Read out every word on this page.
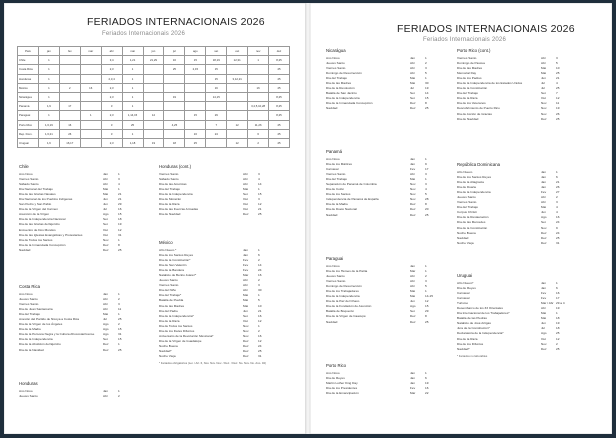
FERIADOS INTERNACIONAIS 2026
Feriados Internacionais 2026
País	jan	fev	mar	abr	mai	jun	jul	ago	set	out	nov	dez
Chile	1			3,4	1,21	21,29	16	15	18,19	12,31	1	8,25
Costa Rica	1			2,3	1		25	2,15	15			25
Honduras	1			2,3,4	1				15	3,12,21		25
México	1	2	16	2,3	1				16		16	25
Nicarágua	1			2,3	1		19		14,15			8,25
Panamá	1,9	17		3	1						3,4,5,10,28	8,25
Paraguai	1		1	2,3	1,14,15	12		15	29			8,25
Porto Rico	1,6,19	16		3	25		4,25		7	12	11,26	25
Rep. Dom.	1,6,21	26		3	1			16	24		6	25
Uruguai	1,6	16,17		2,3	1,18	19	18	25		12	2	25
Chile
Ano Novo	Jan	1
Viernes Santo	Abr	3
Sábado Santo	Abr	4
Día Nacional del Trabajo	Mai	1
Día de las Glorias Navales	Mai	21
Día Nacional de los Pueblos Indígenas	Jun	21
San Pedro y San Pablo	Jun	29
Día de la Virgen del Carmen	Jul	16
Asunción de la Virgen	Ago	15
Día de la Independencia Nacional	Set	18
Día de las Glorias del Ejército	Set	19
Encuentro de Dos Mundos	Out	12
Día de las Iglesias Evangélicas y Protestantes	Out	31
Día de Todos los Santos	Nov	1
Día de la Inmaculada Concepción	Dez	8
Navidad	Dez	25
Costa Rica
Ano Novo	Jan	1
Jueves Santo	Abr	2
Viernes Santo	Abr	3
Día de Juan Santamaría	Abr	11
Día del Trabajo	Mai	1
Anexión del Partido de Nicoya a Costa Rica	Jul	25
Día de la Virgen de los Ángeles	Ago	2
Día de la Madre	Ago	15
Día de la Persona Negra y la Cultura Afrocostarricense	Ago	31
Día de la Independencia	Set	15
Día de la Abolición del Ejército	Dez	1
Día de la Navidad	Dez	25
Honduras
Ano Novo	Jan	1
Jueves Santo	Abr	2
Honduras (cont.)
Viernes Santo	Abr	3
Sábado Santo	Abr	4
Día de las Américas	Abr	14
Día del Trabajo	Mai	1
Día de la Independencia	Set	15
Día de Morazán	Out	3
Día de la Raza	Out	12
Día de las Fuerzas Armadas	Out	21
Día de Navidad	Dez	25
México
Año Nuevo *	Jan	1
Día de los Santos Reyes	Jan	6
Día de la Constitución*	Fev	2
Día de San Valentín	Fev	14
Día de la Bandera	Fev	24
Natalicio de Benito Juárez*	Mar	16
Jueves Santo	Abr	2
Viernes Santo	Abr	3
Día del Niño	Abr	30
Día del Trabajo*	Mai	1
Batalla de Puebla	Mai	5
Día de las Madres	Mai	10
Día del Padre	Jun	21
Día de la Independencia*	Set	16
Día de la Raza	Out	12
Día de Todos los Santos	Nov	1
Día de los Fieles Difuntos	Nov	2
Aniversario de la Revolución Mexicana*	Nov	16
Día de la Virgen de Guadalupe	Dez	12
Noche Buena	Dez	24
Navidad*	Dez	25
Noche Vieja	Dez	31
* Feriados obrigatórios (Lei. / Art. 6, Nov. Nov. Nov. / Dez. / Dez. No. Nov. No. Ano. 04)
FERIADOS INTERNACIONAIS 2026
Feriados Internacionais 2026
Nicarágua
Ano Novo	Jan	1
Jueves Santo	Abr	2
Viernes Santo	Abr	3
Domingo de Resurrección	Abr	5
Día del Trabajo	Mai	1
Día de las Madres	Mai	30
Día de la Revolución	Jul	19
Batalla de San Jacinto	Set	14
Día de la Independencia	Set	15
Día de la Inmaculada Concepción	Dez	8
Navidad	Dez	25
Panamá
Ano Novo	Jan	1
Día de los Mártires	Jan	9
Carnaval	Fev	17
Viernes Santo	Abr	3
Día del Trabajo	Mai	1
Separación de Panamá de Colombia	Nov	3
Día de Colón	Nov	4
Día de los Santos	Nov	5
Independencia de Panamá de España	Nov	28
Día de la Madre	Dez	8
Día de Duelo Nacional	Dez	20
Navidad	Dez	25
Paraguai
Ano Novo	Jan	1
Día de los Héroes de la Patria	Mar	1
Jueves Santo	Abr	2
Viernes Santo	Abr	3
Domingo de Resurrección	Abr	5
Día de los Trabajadores	Mai	1
Día de la Independencia	Mai	14-15
Día de la Paz del Chaco	Jun	12
Día de la Fundación de Asunción	Ago	15
Batalla de Boquerón	Set	29
Día de la Virgen de Caacupé	Dez	8
Navidad	Dez	25
Porto Rico
Ano Novo	Jan	1
Día de Reyes	Jan	6
Martin Luther King Day	Jan	19
Día de los Presidentes	Fev	16
Día de la Emancipación	Mar	22
Porto Rico (cont.)
Viernes Santo	Abr	3
Domingo de Pascua	Abr	5
Día de las Madres	Mai	10
Memorial Day	Mai	25
Día de los Padres	Jun	21
Día de la Independencia de los Estados Unidos	Jul	4
Día de la Constitución	Jul	25
Día del Trabajo	Set	7
Día de la Raza	Out	12
Día de los Veteranos	Nov	11
Descubrimiento de Puerto Rico	Nov	19
Día de Acción de Gracias	Nov	26
Día de Navidad	Dez	25
República Dominicana
Año Nuevo	Jan	1
Día de los Santos Reyes	Jan	6
Día de la Altagracia	Jan	21
Día de Duarte	Jan	26
Día de la Independencia	Fev	27
Jueves Santo	Abr	2
Viernes Santo	Abr	3
Día del Trabajo	Mai	4
Corpus Christi	Jun	4
Día de la Restauración	Ago	16
Día de las Mercedes	Set	24
Día de la Constitución	Nov	9
Noche Buena	Dez	24
Navidad	Dez	25
Noche Vieja	Dez	31
Uruguai
Año Nuevo*	Jan	1
Día de Reyes	Jan	6
Carnaval	Fev	16
Carnaval	Fev	17
Turismo	Mar / Abr 29 a 4
Desembarco de los 33 Orientales	Abr	19
Día Internacional de los Trabajadores*	Mai	1
Batalla de las Piedras	Mai	18
Natalicio de José Artigas	Jun	19
Jura de la Constitución*	Jul	18
Declaratoria de la Independencia*	Ago	25
Día de la Raza	Out	12
Día de los Difuntos	Nov	2
Navidad*	Dez	25
* Feriados no laborables
